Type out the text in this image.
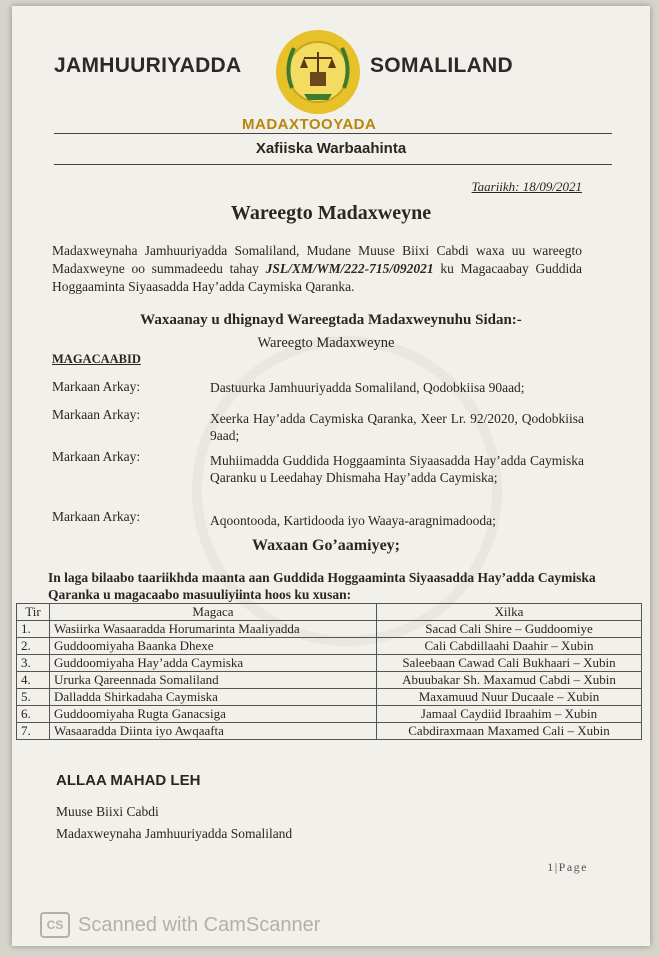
JAMHUURIYADDA	SOMALILAND
MADAXTOOYADA
Xafiiska Warbaahinta
Taariikh: 18/09/2021
Wareegto Madaxweyne
Madaxweynaha Jamhuuriyadda Somaliland, Mudane Muuse Biixi Cabdi waxa uu wareegto Madaxweyne oo summadeedu tahay JSL/XM/WM/222-715/092021 ku Magacaabay Guddida Hoggaaminta Siyaasadda Hay’adda Caymiska Qaranka.
Waxaanay u dhignayd Wareegtada Madaxweynuhu Sidan:-
Wareegto Madaxweyne
MAGACAABID
Markaan Arkay:	Dastuurka Jamhuuriyadda Somaliland, Qodobkiisa 90aad;
Markaan Arkay:	Xeerka Hay’adda Caymiska Qaranka, Xeer Lr. 92/2020, Qodobkiisa 9aad;
Markaan Arkay:	Muhiimadda Guddida Hoggaaminta Siyaasadda Hay’adda Caymiska Qaranku u Leedahay Dhismaha Hay’adda Caymiska;
Markaan Arkay:	Aqoontooda, Kartidooda iyo Waaya-aragnimadooda;
Waxaan Go’aamiyey;
In laga bilaabo taariikhda maanta aan Guddida Hoggaaminta Siyaasadda Hay’adda Caymiska Qaranka u magacaabo masuuliyiinta hoos ku xusan:
Tir	Magaca	Xilka
1.	Wasiirka Wasaaradda Horumarinta Maaliyadda	Sacad Cali Shire – Guddoomiye
2.	Guddoomiyaha Baanka Dhexe	Cali Cabdillaahi Daahir – Xubin
3.	Guddoomiyaha Hay’adda Caymiska	Saleebaan Cawad Cali Bukhaari – Xubin
4.	Ururka Qareennada Somaliland	Abuubakar Sh. Maxamud Cabdi – Xubin
5.	Dalladda Shirkadaha Caymiska	Maxamuud Nuur Ducaale – Xubin
6.	Guddoomiyaha Rugta Ganacsiga	Jamaal Caydiid Ibraahim – Xubin
7.	Wasaaradda Diinta iyo Awqaafta	Cabdiraxmaan Maxamed Cali – Xubin
ALLAA MAHAD LEH
Muuse Biixi Cabdi
Madaxweynaha Jamhuuriyadda Somaliland
1|Page
CS Scanned with CamScanner
